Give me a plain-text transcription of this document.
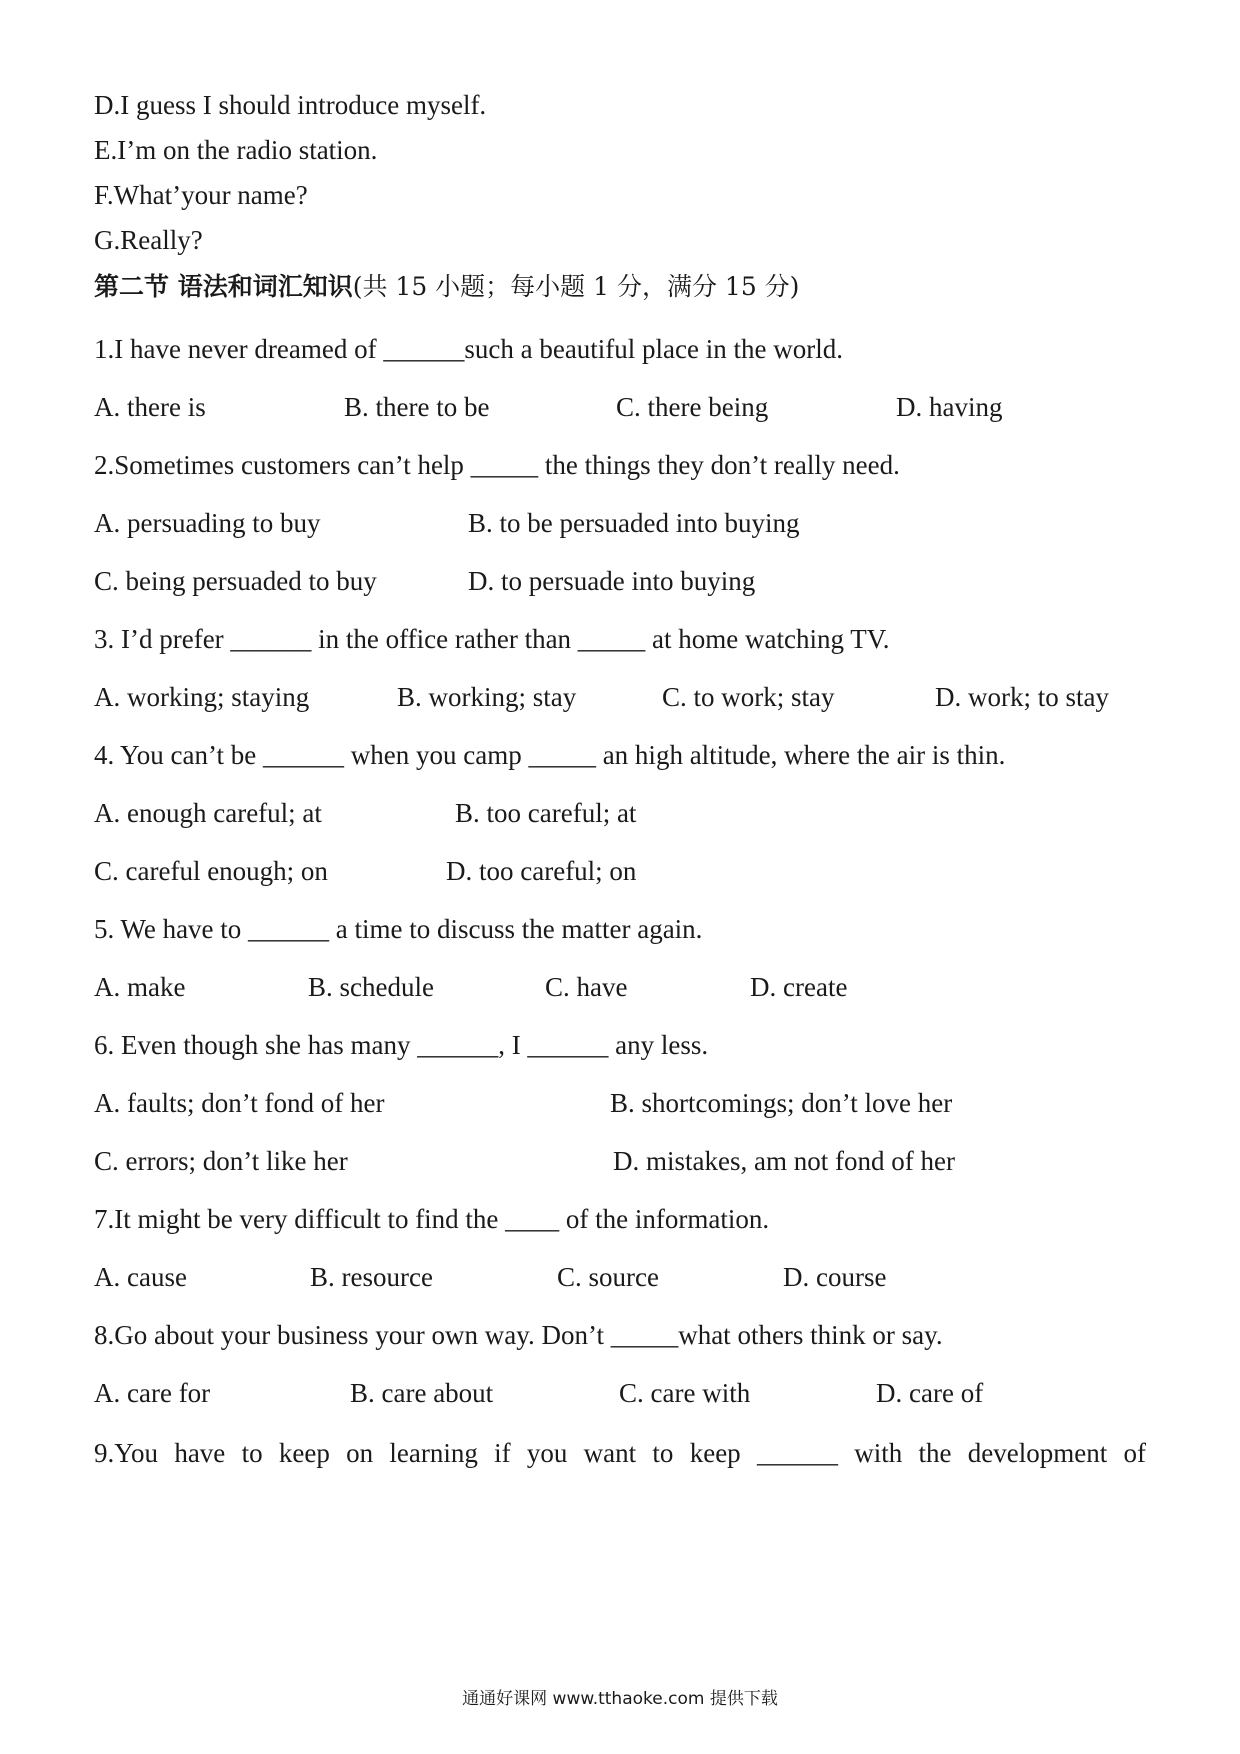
D.I guess I should introduce myself.
E.I’m on the radio station.
F.What’your name?
G.Really?
第二节 语法和词汇知识(共 15 小题；每小题 1 分，满分 15 分)
1.I have never dreamed of ______such a beautiful place in the world.
A. there is	B. there to be	C. there being	D. having
2.Sometimes customers can’t help _____ the things they don’t really need.
A. persuading to buy	B. to be persuaded into buying
C. being persuaded to buy	D. to persuade into buying
3. I’d prefer ______ in the office rather than _____ at home watching TV.
A. working; staying	B. working; stay	C. to work; stay	D. work; to stay
4. You can’t be ______ when you camp _____ an high altitude, where the air is thin.
A. enough careful; at	B. too careful; at
C. careful enough; on	D. too careful; on
5. We have to ______ a time to discuss the matter again.
A. make	B. schedule	C. have	D. create
6. Even though she has many ______, I ______ any less.
A. faults; don’t fond of her	B. shortcomings; don’t love her
C. errors; don’t like her	D. mistakes, am not fond of her
7.It might be very difficult to find the ____ of the information.
A. cause	B. resource	C. source	D. course
8.Go about your business your own way. Don’t _____what others think or say.
A. care for	B. care about	C. care with	D. care of
9.You have to keep on learning if you want to keep ______ with the development of
通通好课网 www.tthaoke.com 提供下载
